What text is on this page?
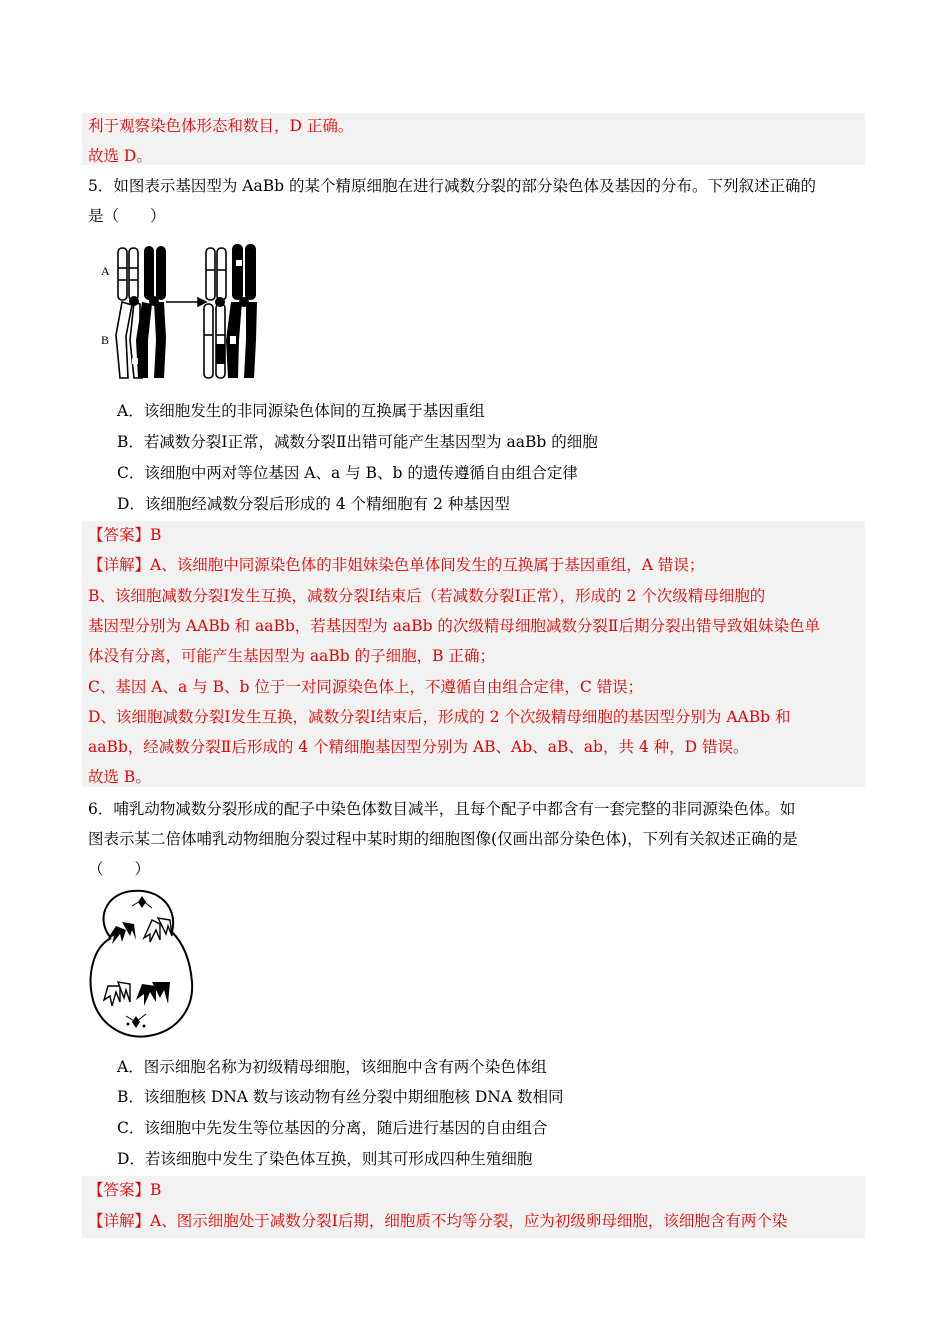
利于观察染色体形态和数目，D 正确。
故选 D。
5．如图表示基因型为 AaBb 的某个精原细胞在进行减数分裂的部分染色体及基因的分布。下列叙述正确的
是（　　）
A
B
A．该细胞发生的非同源染色体间的互换属于基因重组
B．若减数分裂Ⅰ正常，减数分裂Ⅱ出错可能产生基因型为 aaBb 的细胞
C．该细胞中两对等位基因 A、a 与 B、b 的遗传遵循自由组合定律
D．该细胞经减数分裂后形成的 4 个精细胞有 2 种基因型
【答案】B
【详解】A、该细胞中同源染色体的非姐妹染色单体间发生的互换属于基因重组，A 错误；
B、该细胞减数分裂Ⅰ发生互换，减数分裂Ⅰ结束后（若减数分裂Ⅰ正常），形成的 2 个次级精母细胞的
基因型分别为 AABb 和 aaBb，若基因型为 aaBb 的次级精母细胞减数分裂Ⅱ后期分裂出错导致姐妹染色单
体没有分离，可能产生基因型为 aaBb 的子细胞，B 正确；
C、基因 A、a 与 B、b 位于一对同源染色体上，不遵循自由组合定律，C 错误；
D、该细胞减数分裂Ⅰ发生互换，减数分裂Ⅰ结束后，形成的 2 个次级精母细胞的基因型分别为 AABb 和
aaBb，经减数分裂Ⅱ后形成的 4 个精细胞基因型分别为 AB、Ab、aB、ab，共 4 种，D 错误。
故选 B。
6．哺乳动物减数分裂形成的配子中染色体数目减半，且每个配子中都含有一套完整的非同源染色体。如
图表示某二倍体哺乳动物细胞分裂过程中某时期的细胞图像(仅画出部分染色体)，下列有关叙述正确的是
（　　）
A．图示细胞名称为初级精母细胞，该细胞中含有两个染色体组
B．该细胞核 DNA 数与该动物有丝分裂中期细胞核 DNA 数相同
C．该细胞中先发生等位基因的分离，随后进行基因的自由组合
D．若该细胞中发生了染色体互换，则其可形成四种生殖细胞
【答案】B
【详解】A、图示细胞处于减数分裂Ⅰ后期，细胞质不均等分裂，应为初级卵母细胞，该细胞含有两个染
